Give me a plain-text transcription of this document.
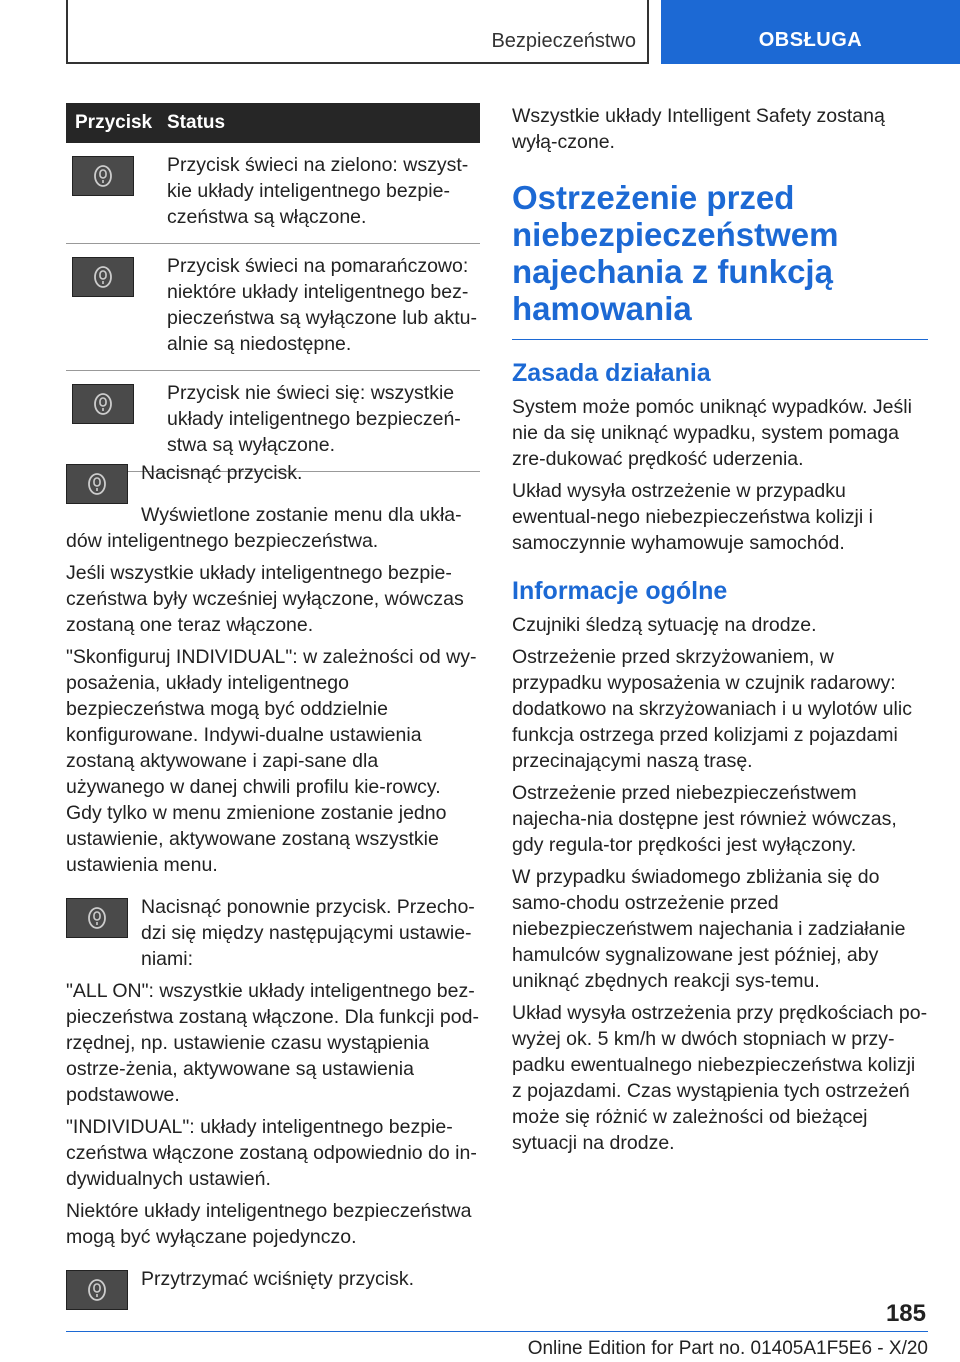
Bezpieczeństwo	OBSŁUGA
Przycisk Status
Przycisk świeci na zielono: wszyst-kie układy inteligentnego bezpie-czeństwa są włączone.
Przycisk świeci na pomarańczowo: niektóre układy inteligentnego bez-pieczeństwa są wyłączone lub aktu-alnie są niedostępne.
Przycisk nie świeci się: wszystkie układy inteligentnego bezpieczeń-stwa są wyłączone.

Nacisnąć przycisk.

Wyświetlone zostanie menu dla ukła-dów inteligentnego bezpieczeństwa.

Jeśli wszystkie układy inteligentnego bezpie-czeństwa były wcześniej wyłączone, wówczas zostaną one teraz włączone.

"Skonfiguruj INDIVIDUAL": w zależności od wy-posażenia, układy inteligentnego bezpieczeństwa mogą być oddzielnie konfigurowane. Indywi-dualne ustawienia zostaną aktywowane i zapi-sane dla używanego w danej chwili profilu kie-rowcy. Gdy tylko w menu zmienione zostanie jedno ustawienie, aktywowane zostaną wszystkie ustawienia menu.

Nacisnąć ponownie przycisk. Przecho-dzi się między następującymi ustawie-niami:

"ALL ON": wszystkie układy inteligentnego bez-pieczeństwa zostaną włączone. Dla funkcji pod-rzędnej, np. ustawienie czasu wystąpienia ostrze-żenia, aktywowane są ustawienia podstawowe.

"INDIVIDUAL": układy inteligentnego bezpie-czeństwa włączone zostaną odpowiednio do in-dywidualnych ustawień.

Niektóre układy inteligentnego bezpieczeństwa mogą być wyłączane pojedynczo.

Przytrzymać wciśnięty przycisk.

Wszystkie układy Intelligent Safety zostaną wyłą-czone.

Ostrzeżenie przed niebezpieczeństwem najechania z funkcją hamowania
Zasada działania

System może pomóc uniknąć wypadków. Jeśli nie da się uniknąć wypadku, system pomaga zre-dukować prędkość uderzenia.

Układ wysyła ostrzeżenie w przypadku ewentual-nego niebezpieczeństwa kolizji i samoczynnie wyhamowuje samochód.

Informacje ogólne

Czujniki śledzą sytuację na drodze.

Ostrzeżenie przed skrzyżowaniem, w przypadku wyposażenia w czujnik radarowy: dodatkowo na skrzyżowaniach i u wylotów ulic funkcja ostrzega przed kolizjami z pojazdami przecinającymi naszą trasę.

Ostrzeżenie przed niebezpieczeństwem najecha-nia dostępne jest również wówczas, gdy regula-tor prędkości jest wyłączony.

W przypadku świadomego zbliżania się do samo-chodu ostrzeżenie przed niebezpieczeństwem najechania i zadziałanie hamulców sygnalizowane jest później, aby uniknąć zbędnych reakcji sys-temu.

Układ wysyła ostrzeżenia przy prędkościach po-wyżej ok. 5 km/h w dwóch stopniach w przy-padku ewentualnego niebezpieczeństwa kolizji z pojazdami. Czas wystąpienia tych ostrzeżeń może się różnić w zależności od bieżącej sytuacji na drodze.

185
Online Edition for Part no. 01405A1F5E6 - X/20
